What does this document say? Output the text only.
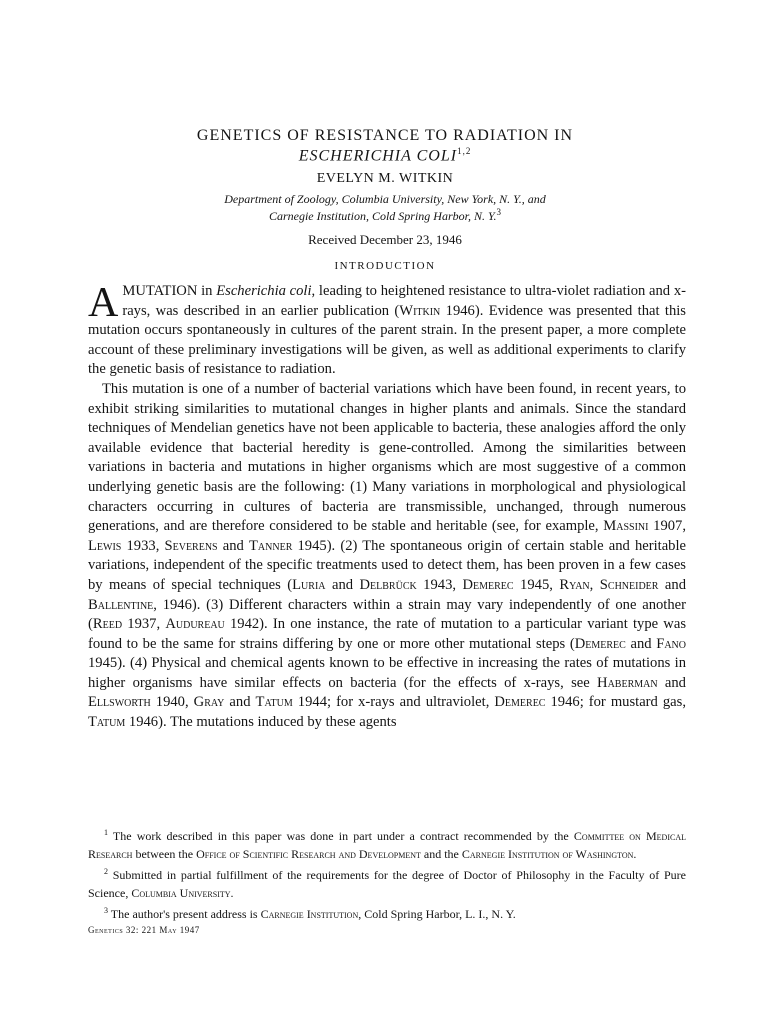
GENETICS OF RESISTANCE TO RADIATION IN
ESCHERICHIA COLI$^{1,2}$
EVELYN M. WITKIN
Department of Zoology, Columbia University, New York, N. Y., and
Carnegie Institution, Cold Spring Harbor, N. Y.$^3$
Received December 23, 1946
INTRODUCTION

AMUTATION in Escherichia coli, leading to heightened resistance to ultra-violet radiation and x-rays, was described in an earlier publication (Witkin 1946). Evidence was presented that this mutation occurs spontaneously in cultures of the parent strain. In the present paper, a more complete account of these preliminary investigations will be given, as well as additional experiments to clarify the genetic basis of resistance to radiation.

This mutation is one of a number of bacterial variations which have been found, in recent years, to exhibit striking similarities to mutational changes in higher plants and animals. Since the standard techniques of Mendelian genetics have not been applicable to bacteria, these analogies afford the only available evidence that bacterial heredity is gene-controlled. Among the similarities between variations in bacteria and mutations in higher organisms which are most suggestive of a common underlying genetic basis are the following: (1) Many variations in morphological and physiological characters occurring in cultures of bacteria are transmissible, unchanged, through numerous generations, and are therefore considered to be stable and heritable (see, for example, Massini 1907, Lewis 1933, Severens and Tanner 1945). (2) The spontaneous origin of certain stable and heritable variations, independent of the specific treatments used to detect them, has been proven in a few cases by means of special techniques (Luria and Delbrück 1943, Demerec 1945, Ryan, Schneider and Ballentine, 1946). (3) Different characters within a strain may vary independently of one another (Reed 1937, Audureau 1942). In one instance, the rate of mutation to a particular variant type was found to be the same for strains differing by one or more other mutational steps (Demerec and Fano 1945). (4) Physical and chemical agents known to be effective in increasing the rates of mutations in higher organisms have similar effects on bacteria (for the effects of x-rays, see Haberman and Ellsworth 1940, Gray and Tatum 1944; for x-rays and ultraviolet, Demerec 1946; for mustard gas, Tatum 1946). The mutations induced by these agents

$^1$ The work described in this paper was done in part under a contract recommended by the Committee on Medical Research between the Office of Scientific Research and Development and the Carnegie Institution of Washington.

$^2$ Submitted in partial fulfillment of the requirements for the degree of Doctor of Philosophy in the Faculty of Pure Science, Columbia University.

$^3$ The author's present address is Carnegie Institution, Cold Spring Harbor, L. I., N. Y.

Genetics 32: 221 May 1947
